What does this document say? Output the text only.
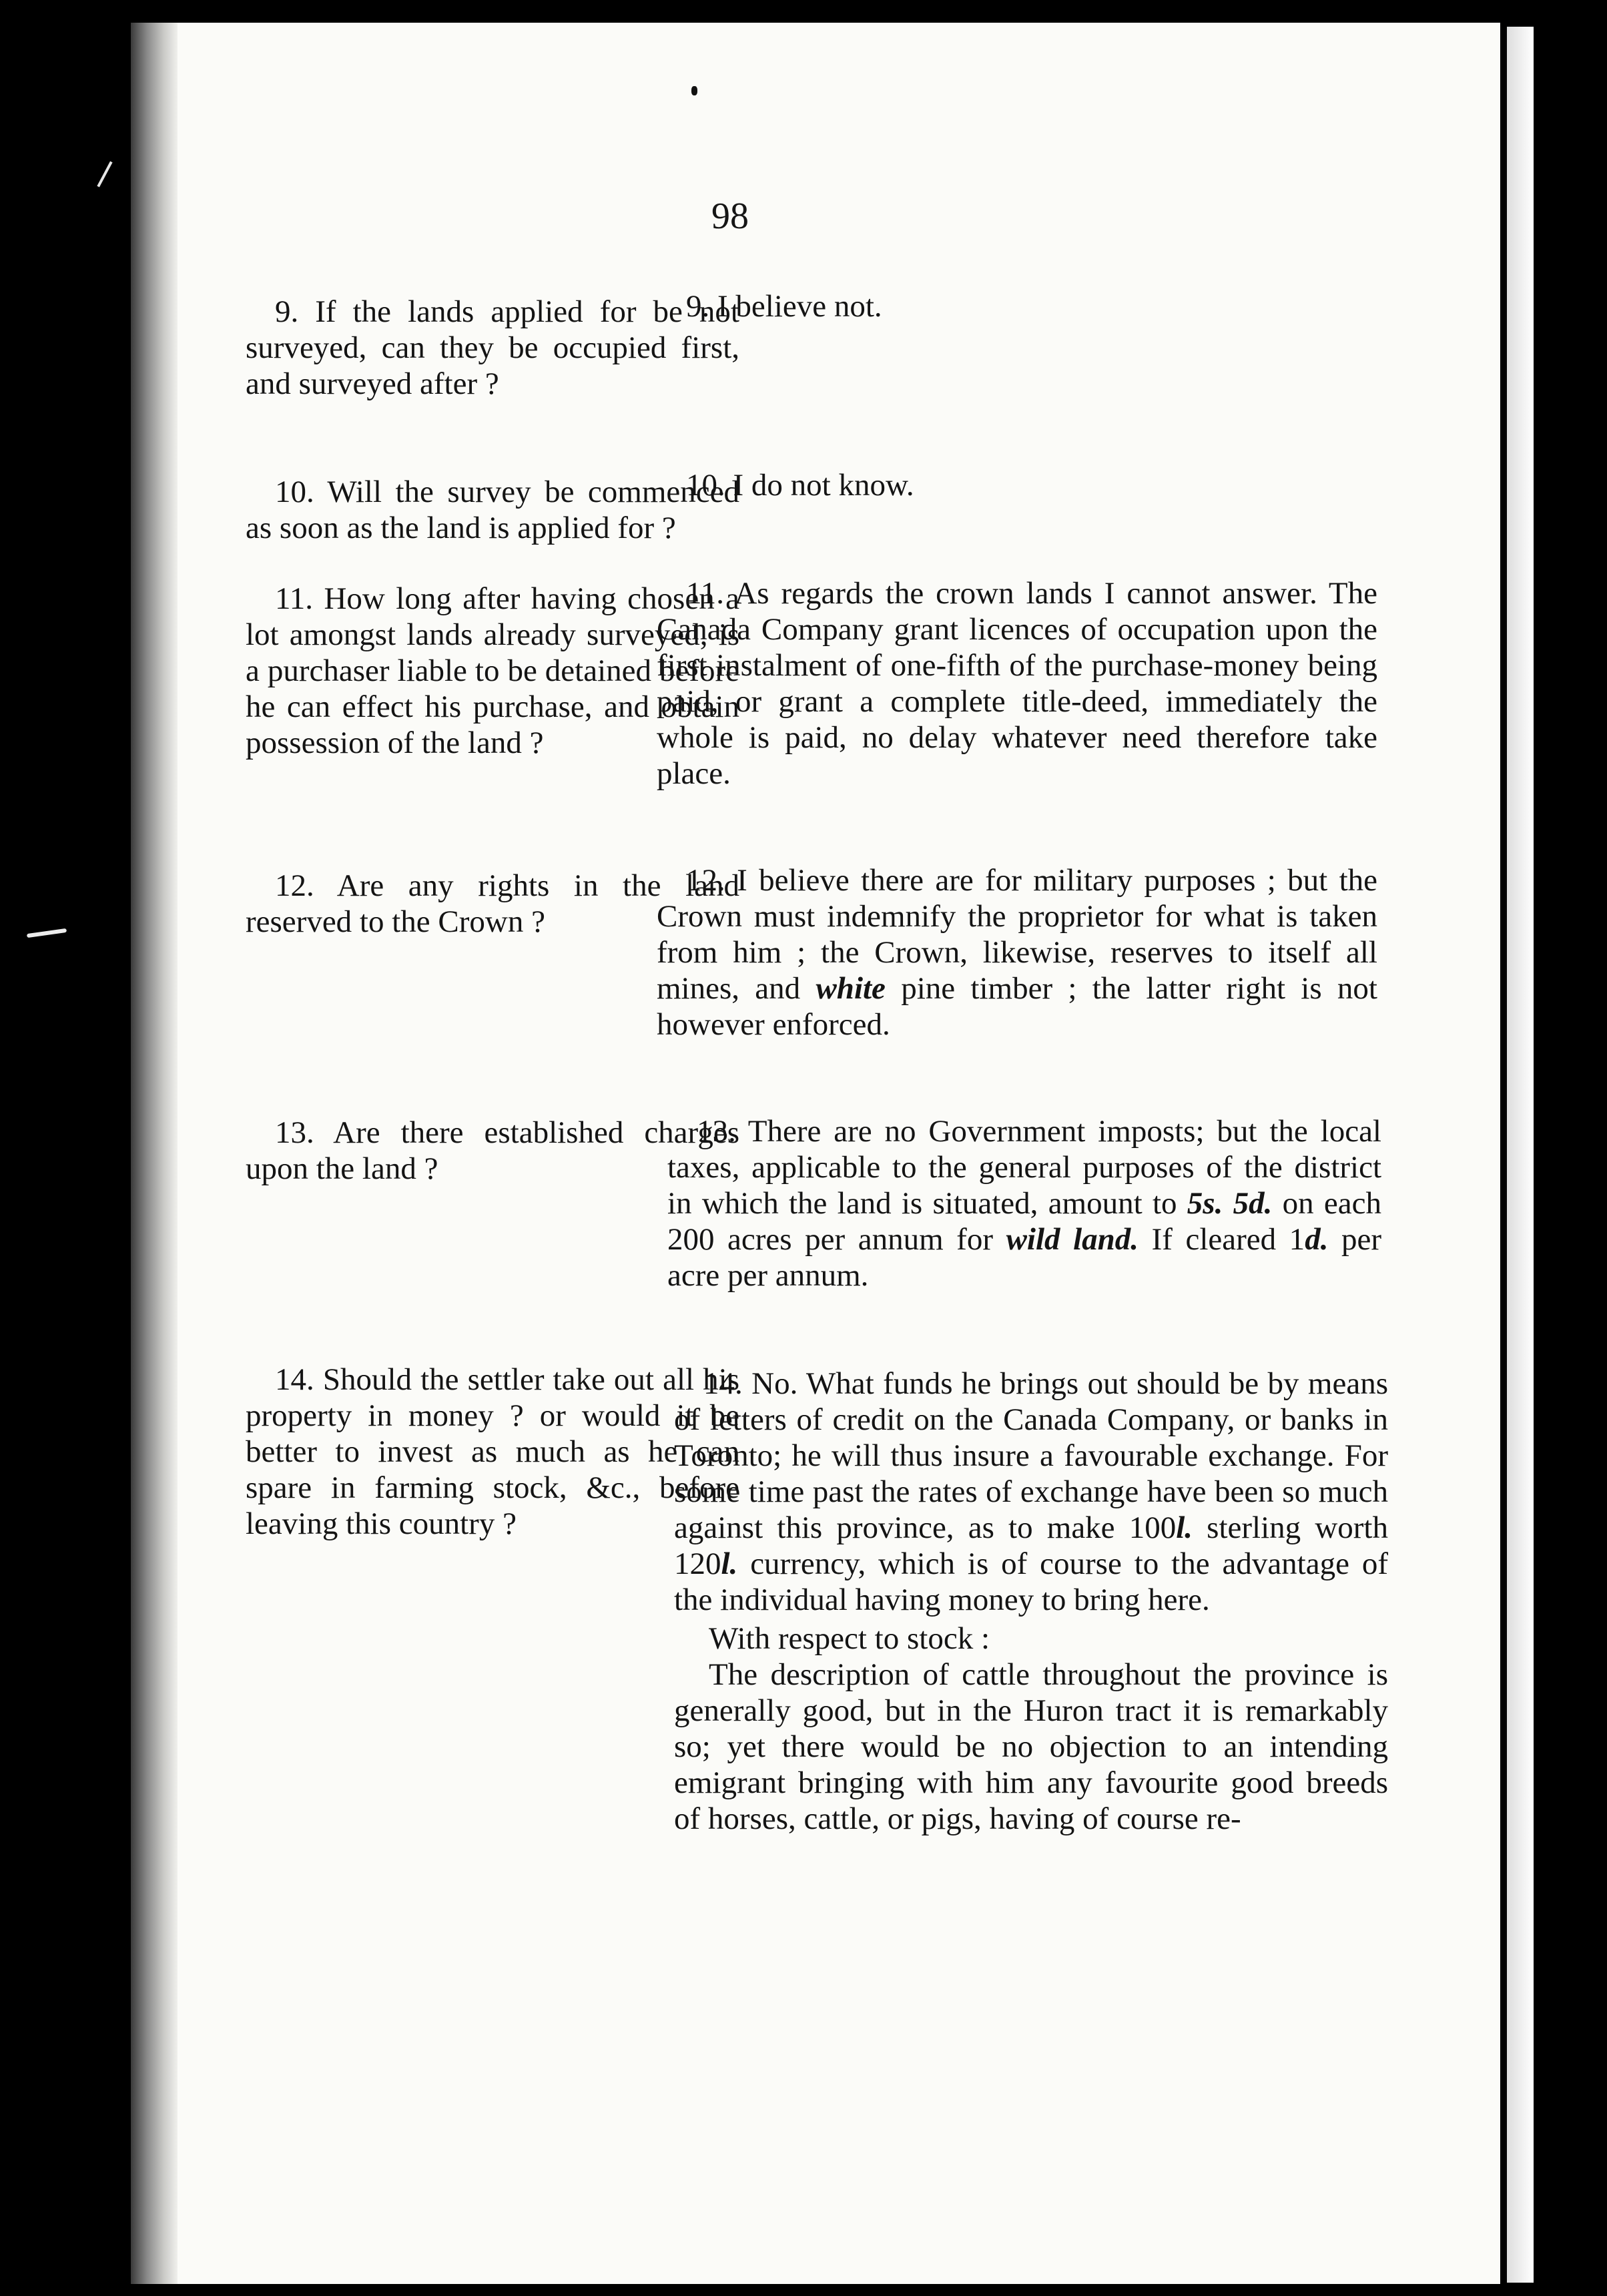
98

9. If the lands applied for be not surveyed, can they be occupied first, and surveyed after ?

10. Will the survey be commenced as soon as the land is applied for ?

11. How long after having chosen a lot amongst lands already surveyed, is a purchaser liable to be detained before he can effect his purchase, and obtain possession of the land ?

12. Are any rights in the land reserved to the Crown ?

13. Are there established charges upon the land ?

14. Should the settler take out all his property in money ? or would it be better to invest as much as he can spare in farming stock, &c., before leaving this country ?

9. I believe not.

10. I do not know.

11. As regards the crown lands I cannot answer. The Canada Company grant licences of occupation upon the first instalment of one-fifth of the purchase-money being paid, or grant a complete title-deed, immediately the whole is paid, no delay whatever need therefore take place.

12. I believe there are for military purposes ; but the Crown must indemnify the proprietor for what is taken from him ; the Crown, likewise, reserves to itself all mines, and white pine timber ; the latter right is not however enforced.

13. There are no Government imposts; but the local taxes, applicable to the general purposes of the district in which the land is situated, amount to 5s. 5d. on each 200 acres per annum for wild land. If cleared 1d. per acre per annum.

14. No. What funds he brings out should be by means of letters of credit on the Canada Company, or banks in Toronto; he will thus insure a favourable exchange. For some time past the rates of exchange have been so much against this province, as to make 100l. sterling worth 120l. currency, which is of course to the advantage of the individual having money to bring here.

With respect to stock :

The description of cattle throughout the province is generally good, but in the Huron tract it is remarkably so; yet there would be no objection to an intending emigrant bringing with him any favourite good breeds of horses, cattle, or pigs, having of course re-
